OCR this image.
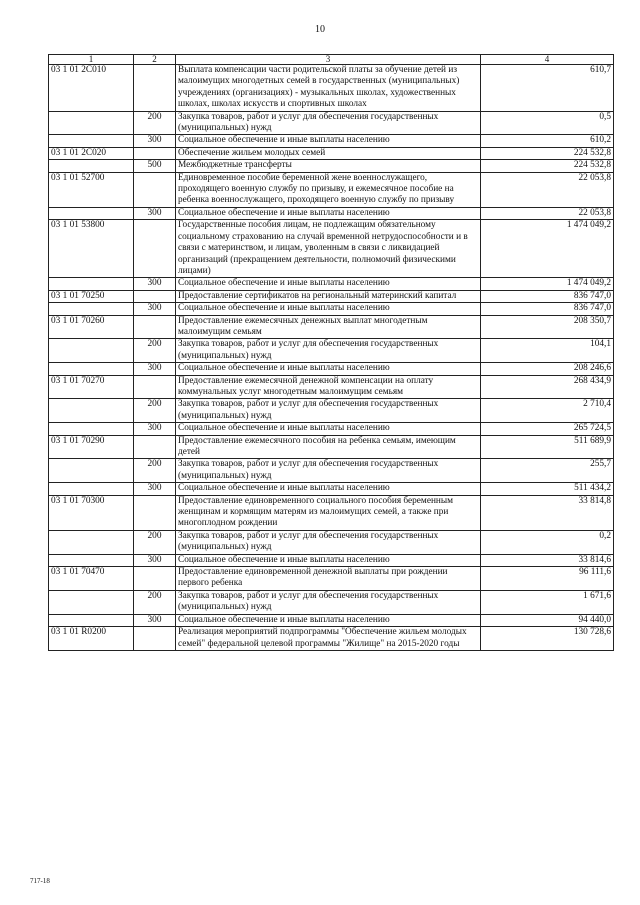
10
1	2	3	4
03 1 01 2С010		Выплата компенсации части родительской платы за обучение детей из малоимущих многодетных семей в государственных (муниципальных) учреждениях (организациях) - музыкальных школах, художественных школах, школах искусств и спортивных школах	610,7
	200	Закупка товаров, работ и услуг для обеспечения государственных (муниципальных) нужд	0,5
	300	Социальное обеспечение и иные выплаты населению	610,2
03 1 01 2С020		Обеспечение жильем молодых семей	224 532,8
	500	Межбюджетные трансферты	224 532,8
03 1 01 52700		Единовременное пособие беременной жене военнослужащего, проходящего военную службу по призыву, и ежемесячное пособие на ребенка военнослужащего, проходящего военную службу по призыву	22 053,8
	300	Социальное обеспечение и иные выплаты населению	22 053,8
03 1 01 53800		Государственные пособия лицам, не подлежащим обязательному социальному страхованию на случай временной нетрудоспособности и в связи с материнством, и лицам, уволенным в связи с ликвидацией организаций (прекращением деятельности, полномочий физическими лицами)	1 474 049,2
	300	Социальное обеспечение и иные выплаты населению	1 474 049,2
03 1 01 70250		Предоставление сертификатов на региональный материнский капитал	836 747,0
	300	Социальное обеспечение и иные выплаты населению	836 747,0
03 1 01 70260		Предоставление ежемесячных денежных выплат многодетным малоимущим семьям	208 350,7
	200	Закупка товаров, работ и услуг для обеспечения государственных (муниципальных) нужд	104,1
	300	Социальное обеспечение и иные выплаты населению	208 246,6
03 1 01 70270		Предоставление ежемесячной денежной компенсации на оплату коммунальных услуг многодетным малоимущим семьям	268 434,9
	200	Закупка товаров, работ и услуг для обеспечения государственных (муниципальных) нужд	2 710,4
	300	Социальное обеспечение и иные выплаты населению	265 724,5
03 1 01 70290		Предоставление ежемесячного пособия на ребенка семьям, имеющим детей	511 689,9
	200	Закупка товаров, работ и услуг для обеспечения государственных (муниципальных) нужд	255,7
	300	Социальное обеспечение и иные выплаты населению	511 434,2
03 1 01 70300		Предоставление единовременного социального пособия беременным женщинам и кормящим матерям из малоимущих семей, а также при многоплодном рождении	33 814,8
	200	Закупка товаров, работ и услуг для обеспечения государственных (муниципальных) нужд	0,2
	300	Социальное обеспечение и иные выплаты населению	33 814,6
03 1 01 70470		Предоставление единовременной денежной выплаты при рождении первого ребенка	96 111,6
	200	Закупка товаров, работ и услуг для обеспечения государственных (муниципальных) нужд	1 671,6
	300	Социальное обеспечение и иные выплаты населению	94 440,0
03 1 01 R0200		Реализация мероприятий подпрограммы "Обеспечение жильем молодых семей" федеральной целевой программы "Жилище" на 2015-2020 годы	130 728,6
717-18
